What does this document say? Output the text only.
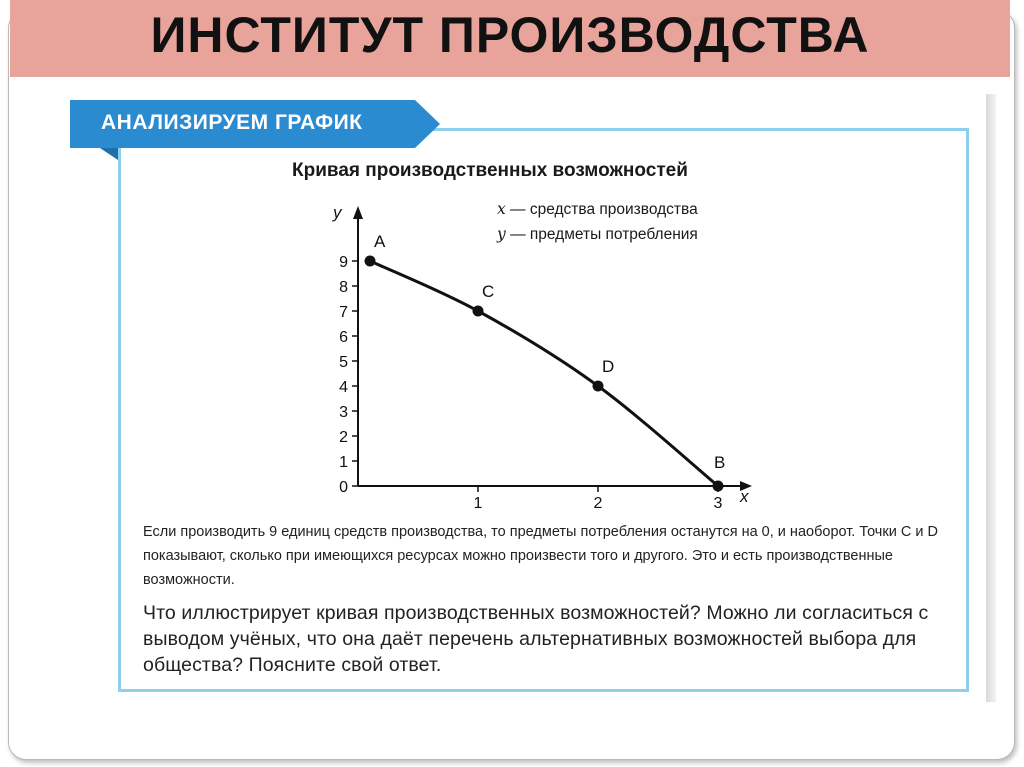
ИНСТИТУТ ПРОИЗВОДСТВА
АНАЛИЗИРУЕМ ГРАФИК
Кривая производственных возможностей
x — средства производства
y — предметы потребления
x
y
0
1
2
3
4
5
6
7
8
9
1	2	3
A
C
D
B
Если производить 9 единиц средств производства, то предметы потребления останутся на 0, и наоборот. Точки C и D показывают, сколько при имеющихся ресурсах можно произвести того и другого. Это и есть производственные возможности.
Что иллюстрирует кривая производственных возможностей? Можно ли согласиться с выводом учёных, что она даёт перечень альтернативных возможностей выбора для общества? Поясните свой ответ.
